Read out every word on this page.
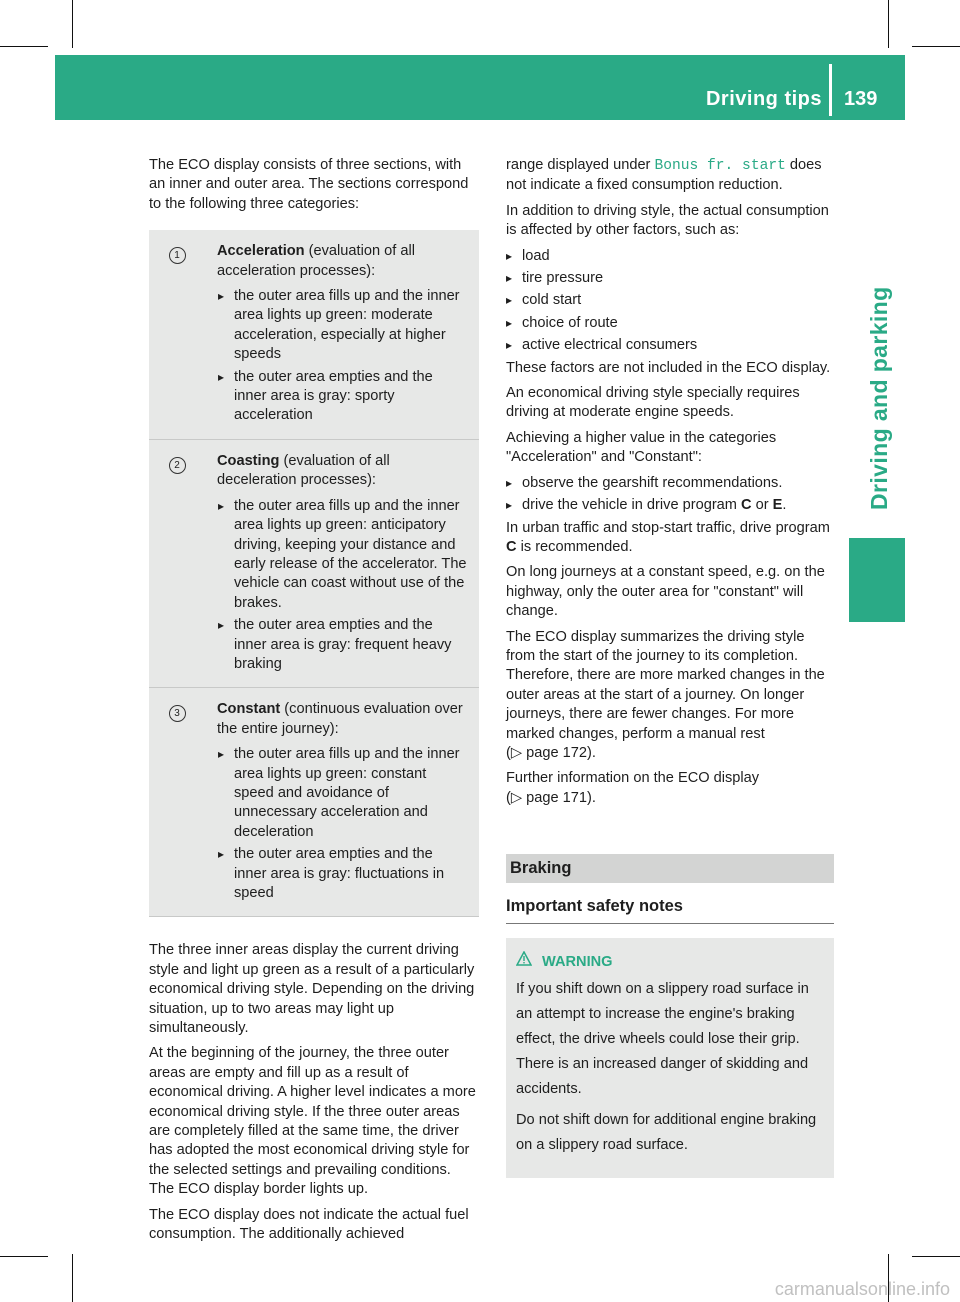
Driving tips 139
Driving and parking

The ECO display consists of three sections, with an inner and outer area. The sections correspond to the following three categories:

1	Acceleration (evaluation of all acceleration processes):

▸ the outer area fills up and the inner area lights up green: moderate acceleration, especially at higher speeds
▸ the outer area empties and the inner area is gray: sporty acceleration
2	Coasting (evaluation of all deceleration processes):

▸ the outer area fills up and the inner area lights up green: anticipatory driving, keeping your distance and early release of the accelerator. The vehicle can coast without use of the brakes.
▸ the outer area empties and the inner area is gray: frequent heavy braking
3	Constant (continuous evaluation over the entire journey):

▸ the outer area fills up and the inner area lights up green: constant speed and avoidance of unnecessary acceleration and deceleration
▸ the outer area empties and the inner area is gray: fluctuations in speed

The three inner areas display the current driving style and light up green as a result of a particularly economical driving style. Depending on the driving situation, up to two areas may light up simultaneously.

At the beginning of the journey, the three outer areas are empty and fill up as a result of economical driving. A higher level indicates a more economical driving style. If the three outer areas are completely filled at the same time, the driver has adopted the most economical driving style for the selected settings and prevailing conditions. The ECO display border lights up.

The ECO display does not indicate the actual fuel consumption. The additionally achieved

range displayed under Bonus fr. start does not indicate a fixed consumption reduction.

In addition to driving style, the actual consumption is affected by other factors, such as:

▸ load
▸ tire pressure
▸ cold start
▸ choice of route
▸ active electrical consumers

These factors are not included in the ECO display.

An economical driving style specially requires driving at moderate engine speeds.

Achieving a higher value in the categories "Acceleration" and "Constant":

▸ observe the gearshift recommendations.
▸ drive the vehicle in drive program C or E.

In urban traffic and stop-start traffic, drive program C is recommended.

On long journeys at a constant speed, e.g. on the highway, only the outer area for "constant" will change.

The ECO display summarizes the driving style from the start of the journey to its completion. Therefore, there are more marked changes in the outer areas at the start of a journey. On longer journeys, there are fewer changes. For more marked changes, perform a manual rest
(▷ page 172).

Further information on the ECO display
(▷ page 171).

Braking
Important safety notes
WARNING

If you shift down on a slippery road surface in an attempt to increase the engine's braking effect, the drive wheels could lose their grip. There is an increased danger of skidding and accidents.

Do not shift down for additional engine braking on a slippery road surface.

carmanualsonline.info
